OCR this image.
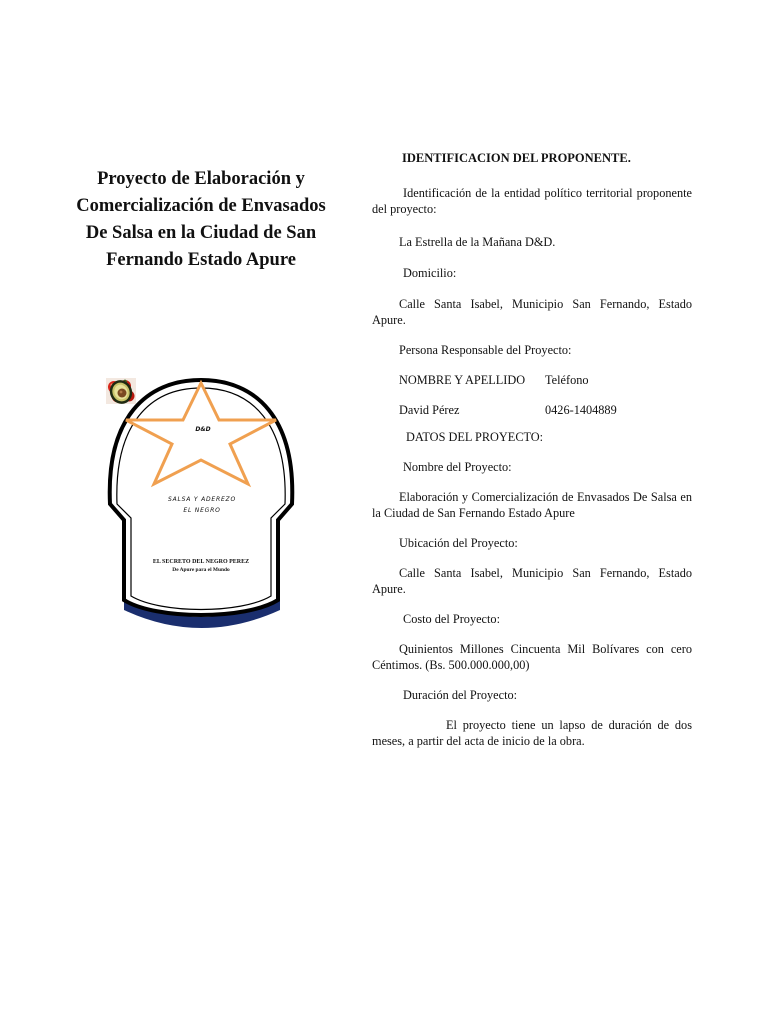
Proyecto de Elaboración y
Comercialización de Envasados
De Salsa en la Ciudad de San
Fernando Estado Apure
D&D
SALSA Y ADEREZO
EL NEGRO
EL SECRETO DEL NEGRO PEREZ
De Apure para el Mundo

IDENTIFICACION DEL PROPONENTE.

Identificación de la entidad político territorial proponente del proyecto:

La Estrella de la Mañana D&D.

Domicilio:

Calle Santa Isabel, Municipio San Fernando, Estado Apure.

Persona Responsable del Proyecto:

NOMBRE Y APELLIDO	Teléfono
David Pérez	0426-1404889

DATOS DEL PROYECTO:

Nombre del Proyecto:

Elaboración y Comercialización de Envasados De Salsa en la Ciudad de San Fernando Estado Apure

Ubicación del Proyecto:

Calle Santa Isabel, Municipio San Fernando, Estado Apure.

Costo del Proyecto:

Quinientos Millones Cincuenta Mil Bolívares con cero Céntimos. (Bs. 500.000.000,00)

Duración del Proyecto:

El proyecto tiene un lapso de duración de dos meses, a partir del acta de inicio de la obra.
